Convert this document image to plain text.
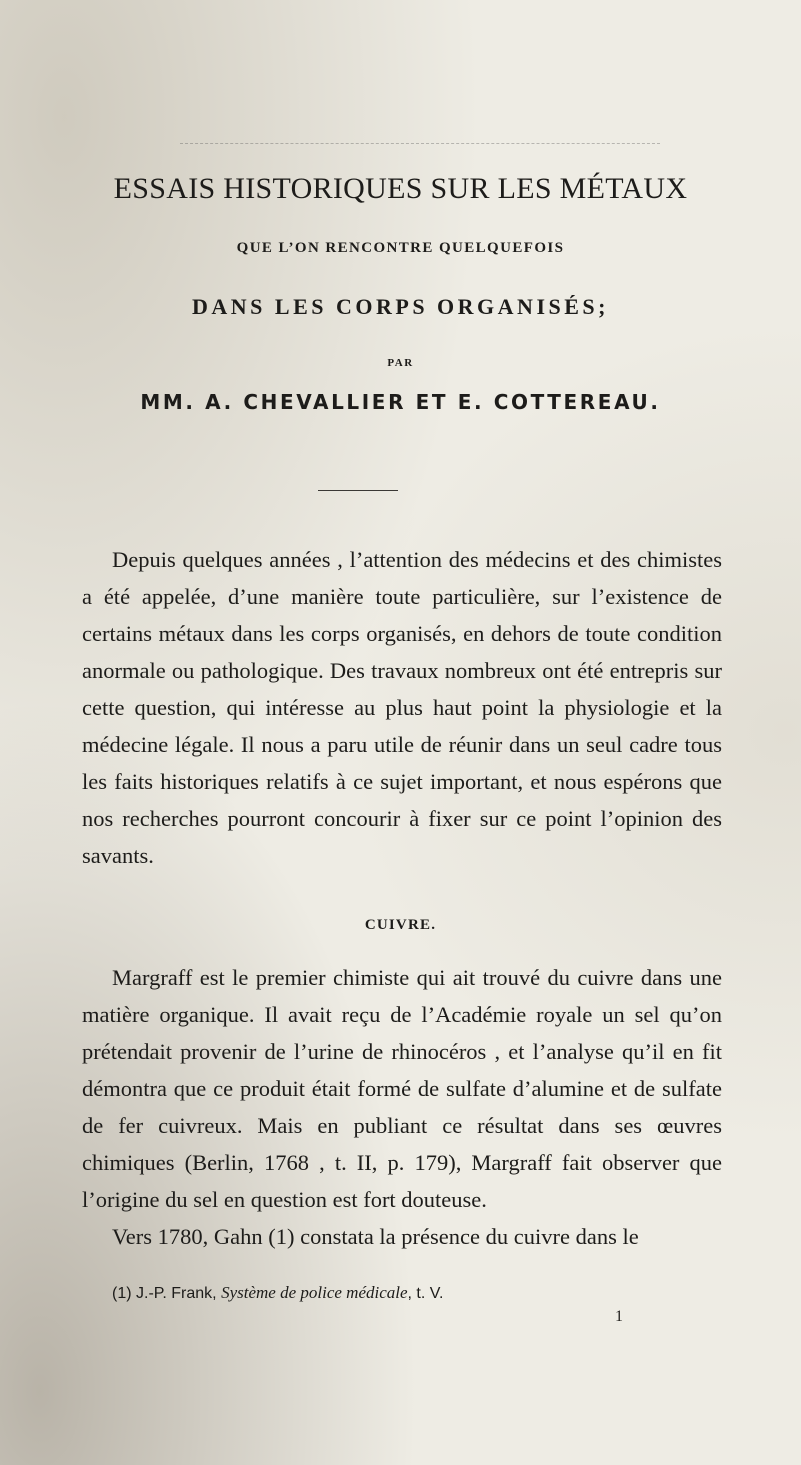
ESSAIS HISTORIQUES SUR LES MÉTAUX
QUE L’ON RENCONTRE QUELQUEFOIS
DANS LES CORPS ORGANISÉS;
PAR
MM. A. CHEVALLIER ET E. COTTEREAU.

Depuis quelques années , l’attention des médecins et des chimistes a été appelée, d’une manière toute particulière, sur l’existence de certains métaux dans les corps organisés, en dehors de toute condition anormale ou pathologique. Des travaux nombreux ont été entrepris sur cette question, qui intéresse au plus haut point la physiologie et la médecine légale. Il nous a paru utile de réunir dans un seul cadre tous les faits historiques relatifs à ce sujet important, et nous espérons que nos recherches pourront concourir à fixer sur ce point l’opinion des savants.

CUIVRE.

Margraff est le premier chimiste qui ait trouvé du cuivre dans une matière organique. Il avait reçu de l’Académie royale un sel qu’on prétendait provenir de l’urine de rhinocéros , et l’analyse qu’il en fit démontra que ce produit était formé de sulfate d’alumine et de sulfate de fer cuivreux. Mais en publiant ce résultat dans ses œuvres chimiques (Berlin, 1768 , t. II, p. 179), Margraff fait observer que l’origine du sel en question est fort douteuse.

Vers 1780, Gahn (1) constata la présence du cuivre dans le

(1) J.-P. Frank, Système de police médicale, t. V.

1
